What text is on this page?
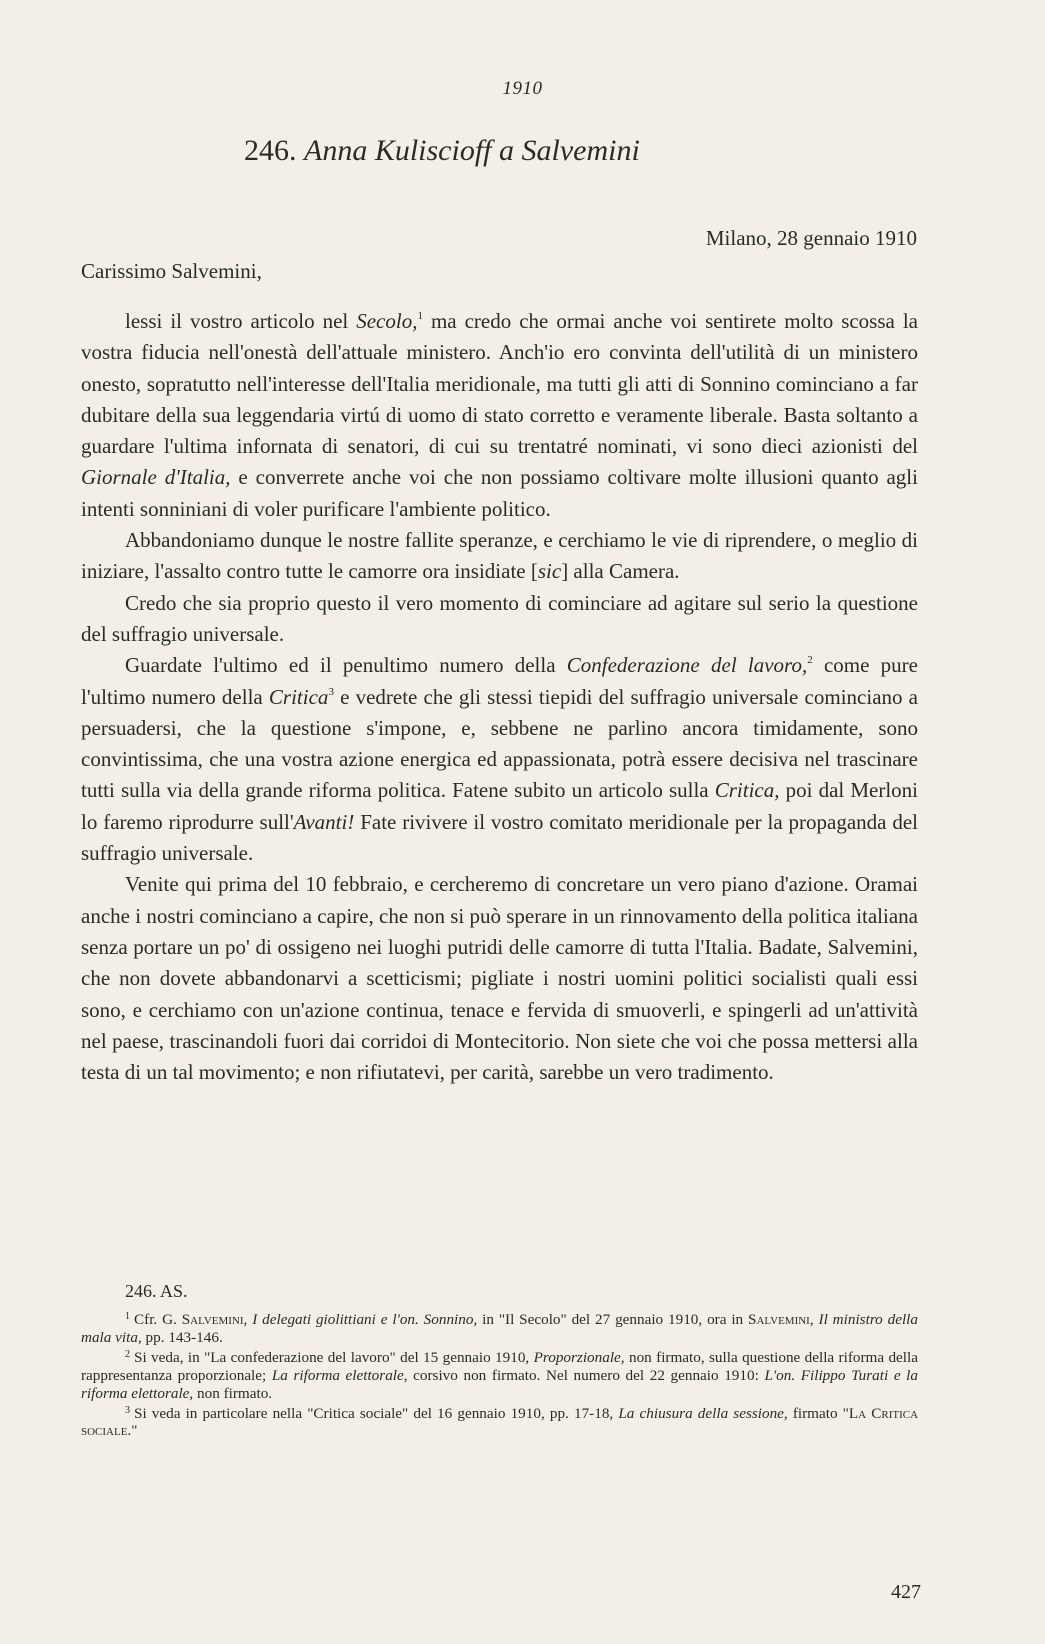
1910
246. Anna Kuliscioff a Salvemini
Milano, 28 gennaio 1910
Carissimo Salvemini,

lessi il vostro articolo nel Secolo,$^1$ ma credo che ormai anche voi sentirete molto scossa la vostra fiducia nell'onestà dell'attuale ministero. Anch'io ero convinta dell'utilità di un ministero onesto, sopratutto nell'interesse dell'Italia meridionale, ma tutti gli atti di Sonnino cominciano a far dubitare della sua leggendaria virtú di uomo di stato corretto e veramente liberale. Basta soltanto a guardare l'ultima infornata di senatori, di cui su trentatré nominati, vi sono dieci azionisti del Giornale d'Italia, e converrete anche voi che non possiamo coltivare molte illusioni quanto agli intenti sonniniani di voler purificare l'ambiente politico.

Abbandoniamo dunque le nostre fallite speranze, e cerchiamo le vie di riprendere, o meglio di iniziare, l'assalto contro tutte le camorre ora insidiate [sic] alla Camera.

Credo che sia proprio questo il vero momento di cominciare ad agitare sul serio la questione del suffragio universale.

Guardate l'ultimo ed il penultimo numero della Confederazione del lavoro,$^2$ come pure l'ultimo numero della Critica$^3$ e vedrete che gli stessi tiepidi del suffragio universale cominciano a persuadersi, che la questione s'impone, e, sebbene ne parlino ancora timidamente, sono convintissima, che una vostra azione energica ed appassionata, potrà essere decisiva nel trascinare tutti sulla via della grande riforma politica. Fatene subito un articolo sulla Critica, poi dal Merloni lo faremo riprodurre sull'Avanti! Fate rivivere il vostro comitato meridionale per la propaganda del suffragio universale.

Venite qui prima del 10 febbraio, e cercheremo di concretare un vero piano d'azione. Oramai anche i nostri cominciano a capire, che non si può sperare in un rinnovamento della politica italiana senza portare un po' di ossigeno nei luoghi putridi delle camorre di tutta l'Italia. Badate, Salvemini, che non dovete abbandonarvi a scetticismi; pigliate i nostri uomini politici socialisti quali essi sono, e cerchiamo con un'azione continua, tenace e fervida di smuoverli, e spingerli ad un'attività nel paese, trascinandoli fuori dai corridoi di Montecitorio. Non siete che voi che possa mettersi alla testa di un tal movimento; e non rifiutatevi, per carità, sarebbe un vero tradimento.

246. AS.

$^1$ Cfr. G. Salvemini, I delegati giolittiani e l'on. Sonnino, in "Il Secolo" del 27 gennaio 1910, ora in Salvemini, Il ministro della mala vita, pp. 143-146.

$^2$ Si veda, in "La confederazione del lavoro" del 15 gennaio 1910, Proporzionale, non firmato, sulla questione della riforma della rappresentanza proporzionale; La riforma elettorale, corsivo non firmato. Nel numero del 22 gennaio 1910: L'on. Filippo Turati e la riforma elettorale, non firmato.

$^3$ Si veda in particolare nella "Critica sociale" del 16 gennaio 1910, pp. 17-18, La chiusura della sessione, firmato "La Critica sociale."

427
